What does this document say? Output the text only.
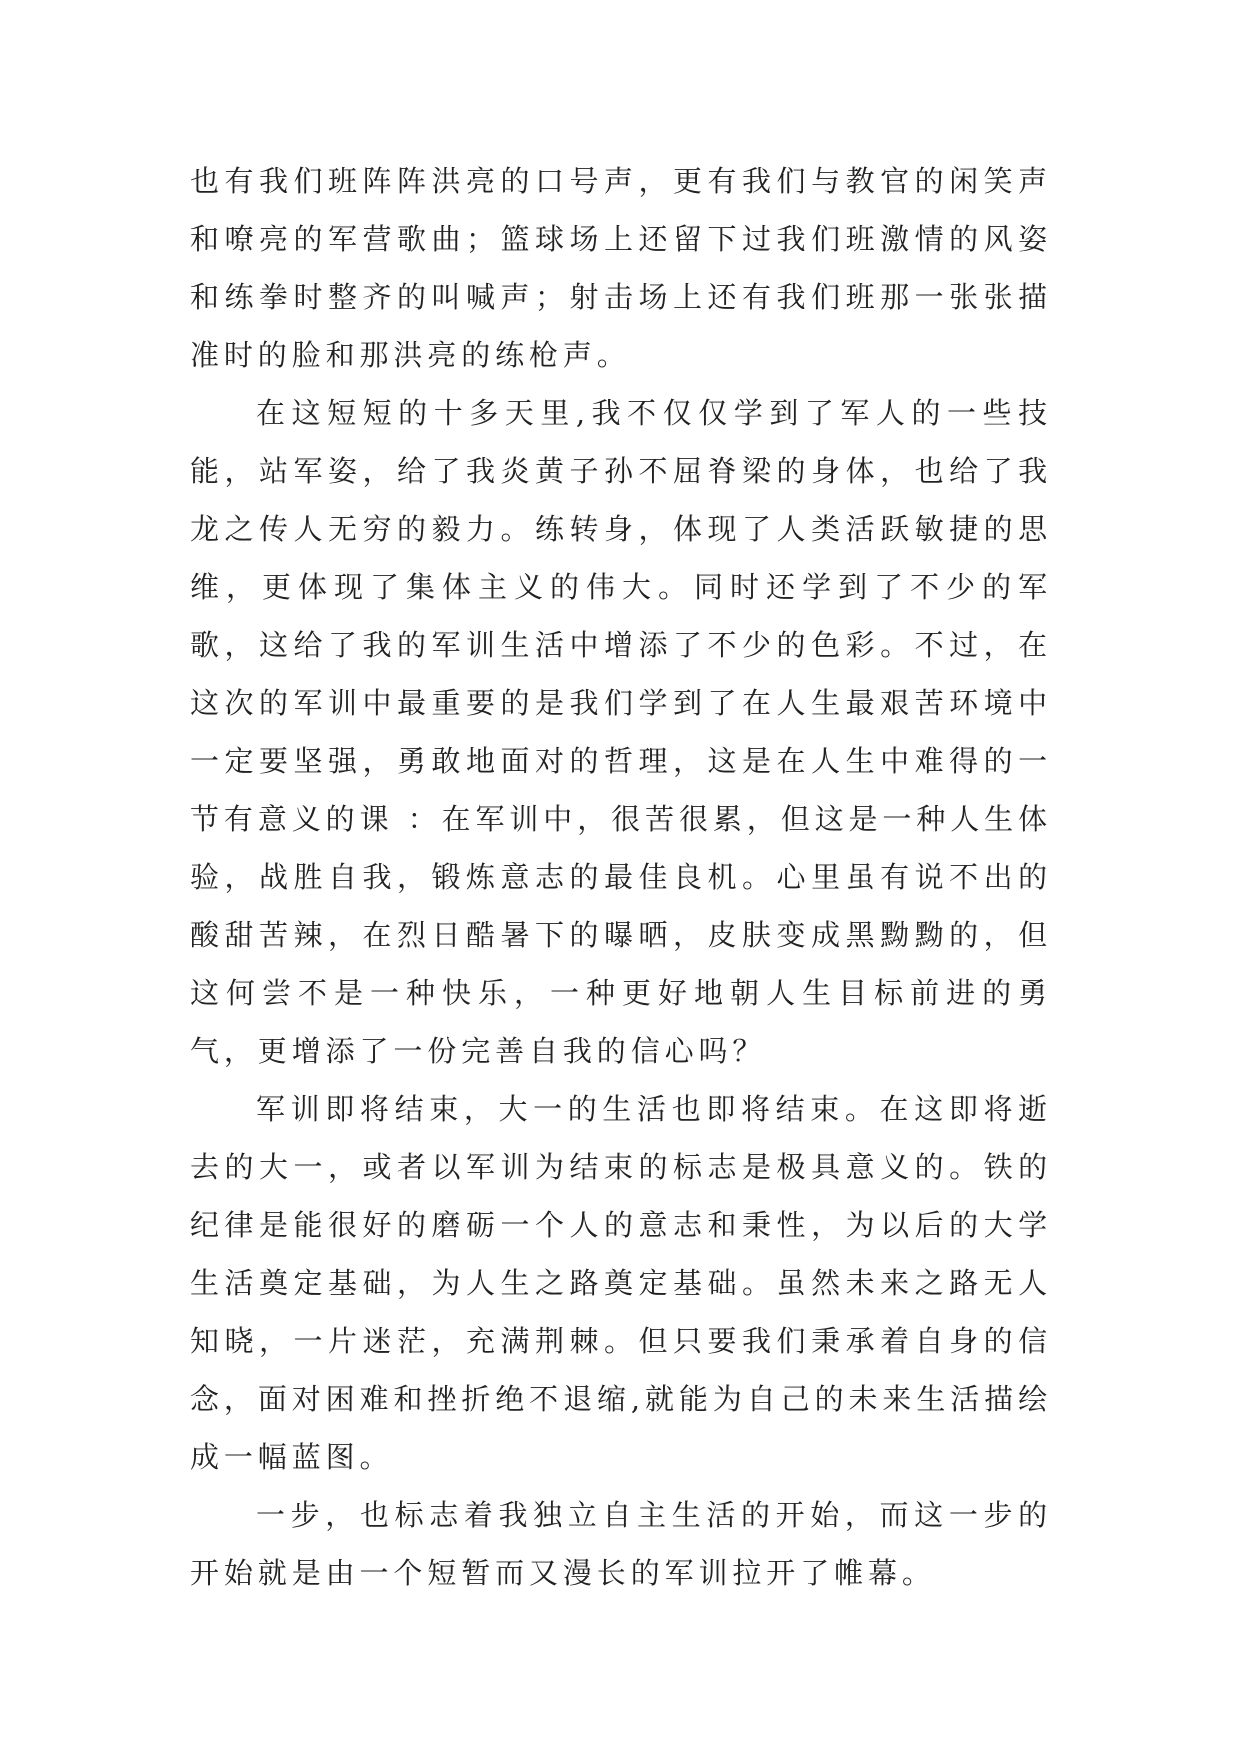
也有我们班阵阵洪亮的口号声，更有我们与教官的闲笑声和嘹亮的军营歌曲；篮球场上还留下过我们班激情的风姿和练拳时整齐的叫喊声；射击场上还有我们班那一张张描准时的脸和那洪亮的练枪声。

在这短短的十多天里,我不仅仅学到了军人的一些技能，站军姿，给了我炎黄子孙不屈脊梁的身体，也给了我龙之传人无穷的毅力。练转身，体现了人类活跃敏捷的思维，更体现了集体主义的伟大。同时还学到了不少的军歌，这给了我的军训生活中增添了不少的色彩。不过，在这次的军训中最重要的是我们学到了在人生最艰苦环境中一定要坚强，勇敢地面对的哲理，这是在人生中难得的一节有意义的课 ：在军训中，很苦很累，但这是一种人生体验，战胜自我，锻炼意志的最佳良机。心里虽有说不出的酸甜苦辣，在烈日酷暑下的曝晒，皮肤变成黑黝黝的，但这何尝不是一种快乐，一种更好地朝人生目标前进的勇气，更增添了一份完善自我的信心吗？

军训即将结束，大一的生活也即将结束。在这即将逝去的大一，或者以军训为结束的标志是极具意义的。铁的纪律是能很好的磨砺一个人的意志和秉性，为以后的大学生活奠定基础，为人生之路奠定基础。虽然未来之路无人知晓，一片迷茫，充满荆棘。但只要我们秉承着自身的信念，面对困难和挫折绝不退缩,就能为自己的未来生活描绘成一幅蓝图。

一步，也标志着我独立自主生活的开始，而这一步的开始就是由一个短暂而又漫长的军训拉开了帷幕。
